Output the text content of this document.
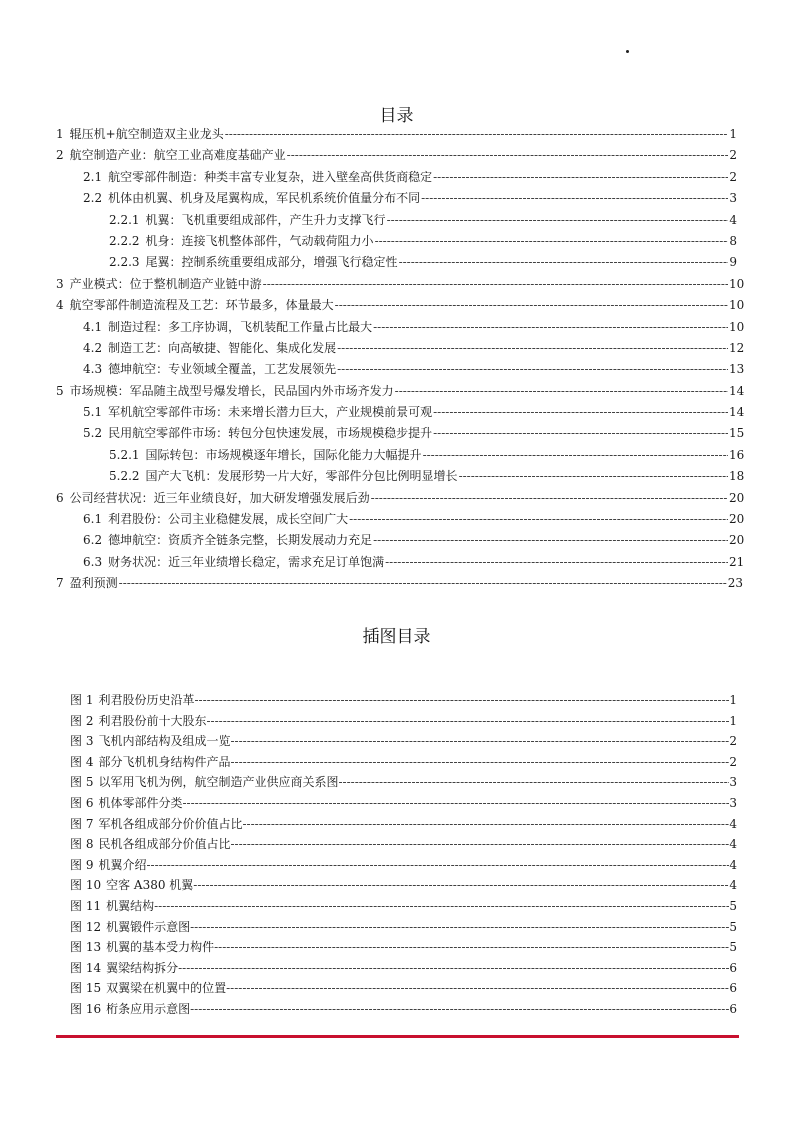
目录
1 辊压机+航空制造双主业龙头 -----	1
2 航空制造产业：航空工业高难度基础产业 -----	2
2.1 航空零部件制造：种类丰富专业复杂，进入壁垒高供货商稳定 -----	2
2.2 机体由机翼、机身及尾翼构成，军民机系统价值量分布不同 -----	3
2.2.1 机翼：飞机重要组成部件，产生升力支撑飞行 -----	4
2.2.2 机身：连接飞机整体部件，气动载荷阻力小 -----	8
2.2.3 尾翼：控制系统重要组成部分，增强飞行稳定性 -----	9
3 产业模式：位于整机制造产业链中游 -----	10
4 航空零部件制造流程及工艺：环节最多，体量最大 -----	10
4.1 制造过程：多工序协调，飞机装配工作量占比最大 -----	10
4.2 制造工艺：向高敏捷、智能化、集成化发展 -----	12
4.3 德坤航空：专业领域全覆盖，工艺发展领先 -----	13
5 市场规模：军品随主战型号爆发增长，民品国内外市场齐发力 -----	14
5.1 军机航空零部件市场：未来增长潜力巨大，产业规模前景可观 -----	14
5.2 民用航空零部件市场：转包分包快速发展，市场规模稳步提升 -----	15
5.2.1 国际转包：市场规模逐年增长，国际化能力大幅提升 -----	16
5.2.2 国产大飞机：发展形势一片大好，零部件分包比例明显增长 -----	18
6 公司经营状况：近三年业绩良好，加大研发增强发展后劲 -----	20
6.1 利君股份：公司主业稳健发展，成长空间广大 -----	20
6.2 德坤航空：资质齐全链条完整，长期发展动力充足 -----	20
6.3 财务状况：近三年业绩增长稳定，需求充足订单饱满 -----	21
7 盈利预测 -----	23
插图目录
图 1 利君股份历史沿革 -----	1
图 2 利君股份前十大股东 -----	1
图 3 飞机内部结构及组成一览 -----	2
图 4 部分飞机机身结构件产品 -----	2
图 5 以军用飞机为例，航空制造产业供应商关系图 -----	3
图 6 机体零部件分类 -----	3
图 7 军机各组成部分价价值占比 -----	4
图 8 民机各组成部分价值占比 -----	4
图 9 机翼介绍 -----	4
图 10 空客 A380 机翼 -----	4
图 11 机翼结构 -----	5
图 12 机翼锻件示意图 -----	5
图 13 机翼的基本受力构件 -----	5
图 14 翼梁结构拆分 -----	6
图 15 双翼梁在机翼中的位置 -----	6
图 16 桁条应用示意图 -----	6
